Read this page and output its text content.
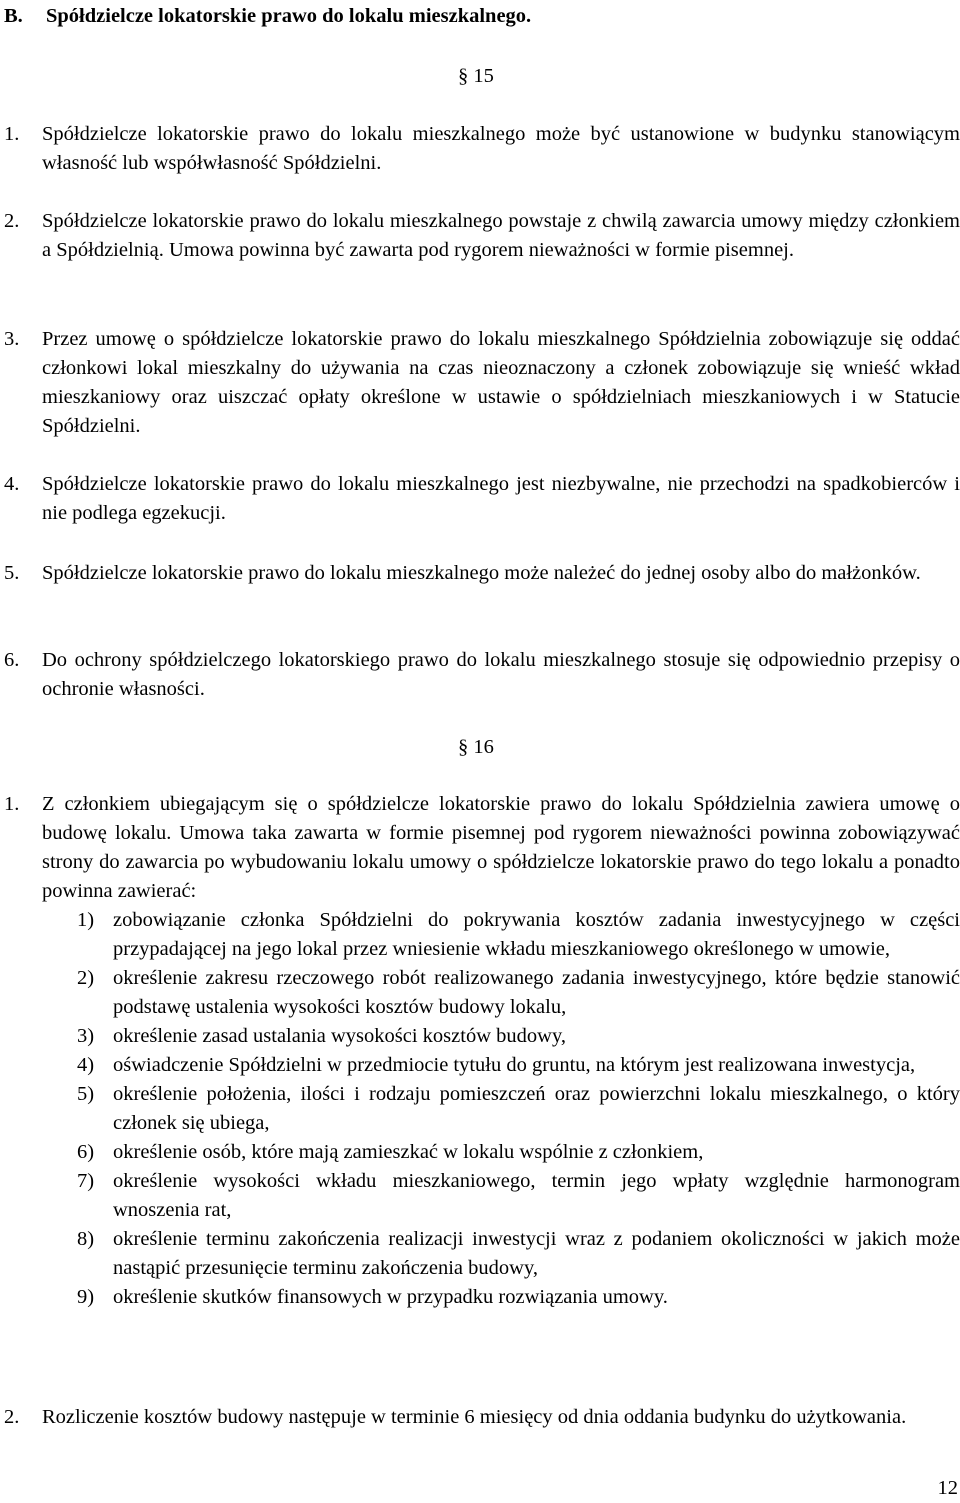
B. Spółdzielcze lokatorskie prawo do lokalu mieszkalnego.
§ 15
1. Spółdzielcze lokatorskie prawo do lokalu mieszkalnego może być ustanowione w budynku stanowiącym własność lub współwłasność Spółdzielni.
2. Spółdzielcze lokatorskie prawo do lokalu mieszkalnego powstaje z chwilą zawarcia umowy między członkiem a Spółdzielnią. Umowa powinna być zawarta pod rygorem nieważności w formie pisemnej.
3. Przez umowę o spółdzielcze lokatorskie prawo do lokalu mieszkalnego Spółdzielnia zobowiązuje się oddać członkowi lokal mieszkalny do używania na czas nieoznaczony a członek zobowiązuje się wnieść wkład mieszkaniowy oraz uiszczać opłaty określone w ustawie o spółdzielniach mieszkaniowych i w Statucie Spółdzielni.
4. Spółdzielcze lokatorskie prawo do lokalu mieszkalnego jest niezbywalne, nie przechodzi na spadkobierców i nie podlega egzekucji.
5. Spółdzielcze lokatorskie prawo do lokalu mieszkalnego może należeć do jednej osoby albo do małżonków.
6. Do ochrony spółdzielczego lokatorskiego prawo do lokalu mieszkalnego stosuje się odpowiednio przepisy o ochronie własności.
§ 16
1. Z członkiem ubiegającym się o spółdzielcze lokatorskie prawo do lokalu Spółdzielnia zawiera umowę o budowę lokalu. Umowa taka zawarta w formie pisemnej pod rygorem nieważności powinna zobowiązywać strony do zawarcia po wybudowaniu lokalu umowy o spółdzielcze lokatorskie prawo do tego lokalu a ponadto powinna zawierać:
1) zobowiązanie członka Spółdzielni do pokrywania kosztów zadania inwestycyjnego w części przypadającej na jego lokal przez wniesienie wkładu mieszkaniowego określonego w umowie,
2) określenie zakresu rzeczowego robót realizowanego zadania inwestycyjnego, które będzie stanowić podstawę ustalenia wysokości kosztów budowy lokalu,
3) określenie zasad ustalania wysokości kosztów budowy,
4) oświadczenie Spółdzielni w przedmiocie tytułu do gruntu, na którym jest realizowana inwestycja,
5) określenie położenia, ilości i rodzaju pomieszczeń oraz powierzchni lokalu mieszkalnego, o który członek się ubiega,
6) określenie osób, które mają zamieszkać w lokalu wspólnie z członkiem,
7) określenie wysokości wkładu mieszkaniowego, termin jego wpłaty względnie harmonogram wnoszenia rat,
8) określenie terminu zakończenia realizacji inwestycji wraz z podaniem okoliczności w jakich może nastąpić przesunięcie terminu zakończenia budowy,
9) określenie skutków finansowych w przypadku rozwiązania umowy.
2. Rozliczenie kosztów budowy następuje w terminie 6 miesięcy od dnia oddania budynku do użytkowania.
12
